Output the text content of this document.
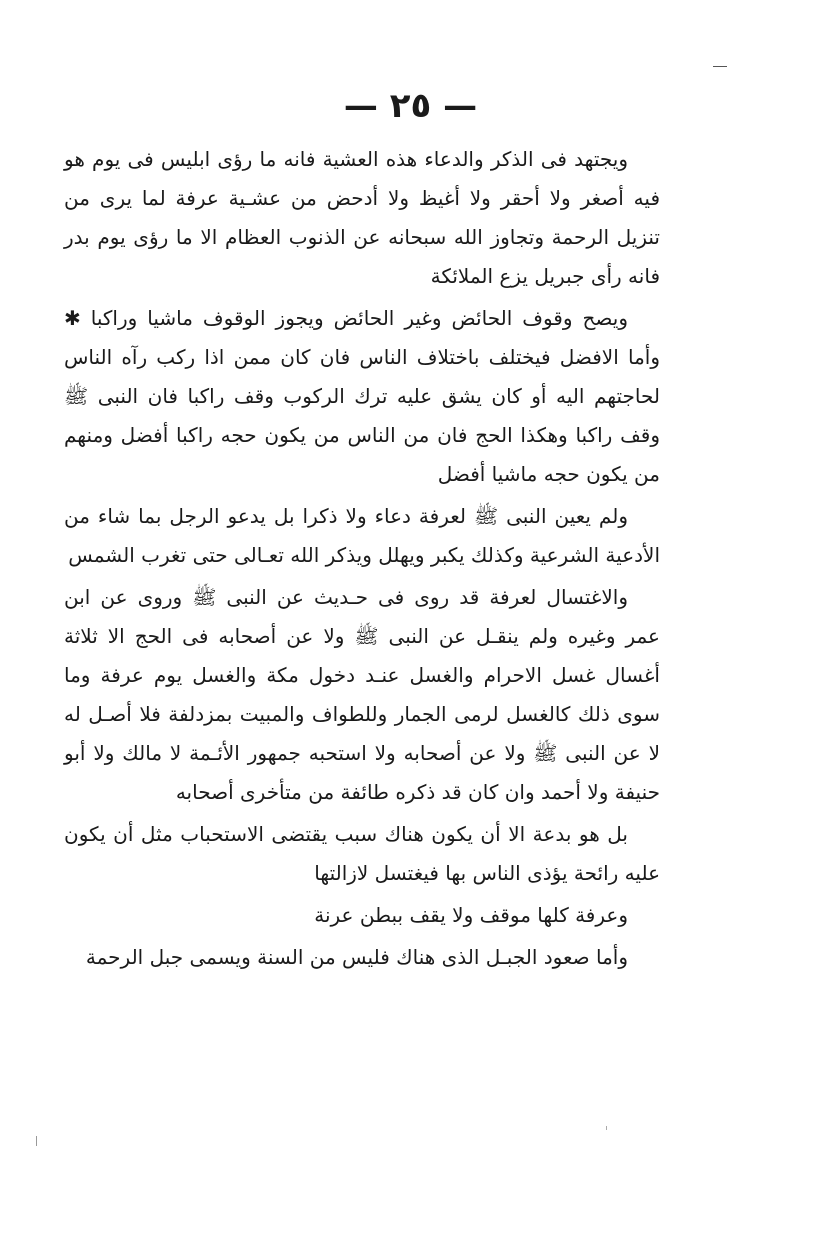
— ٢٥ —

ويجتهد فى الذكر والدعاء هذه العشية فانه ما رؤى ابليس فى يوم هو فيه أصغر ولا أحقر ولا أغيظ ولا أدحض من عشـية عرفة لما يرى من تنزيل الرحمة وتجاوز الله سبحانه عن الذنوب العظام الا ما رؤى يوم بدر فانه رأى جبريل يزع الملائكة

ويصح وقوف الحائض وغير الحائض ويجوز الوقوف ماشيا وراكبا ✱ وأما الافضل فيختلف باختلاف الناس فان كان ممن اذا ركب رآه الناس لحاجتهم اليه أو كان يشق عليه ترك الركوب وقف راكبا فان النبى ﷺ وقف راكبا وهكذا الحج فان من الناس من يكون حجه راكبا أفضل ومنهم من يكون حجه ماشيا أفضل

ولم يعين النبى ﷺ لعرفة دعاء ولا ذكرا بل يدعو الرجل بما شاء من الأدعية الشرعية وكذلك يكبر ويهلل ويذكر الله تعـالى حتى تغرب الشمس

والاغتسال لعرفة قد روى فى حـديث عن النبى ﷺ وروى عن ابن عمر وغيره ولم ينقـل عن النبى ﷺ ولا عن أصحابه فى الحج الا ثلاثة أغسال غسل الاحرام والغسل عنـد دخول مكة والغسل يوم عرفة وما سوى ذلك كالغسل لرمى الجمار وللطواف والمبيت بمزدلفة فلا أصـل له لا عن النبى ﷺ ولا عن أصحابه ولا استحبه جمهور الأئـمة لا مالك ولا أبو حنيفة ولا أحمد وان كان قد ذكره طائفة من متأخرى أصحابه

بل هو بدعة الا أن يكون هناك سبب يقتضى الاستحباب مثل أن يكون عليه رائحة يؤذى الناس بها فيغتسل لازالتها

وعرفة كلها موقف ولا يقف ببطن عرنة

وأما صعود الجبـل الذى هناك فليس من السنة ويسمى جبل الرحمة
